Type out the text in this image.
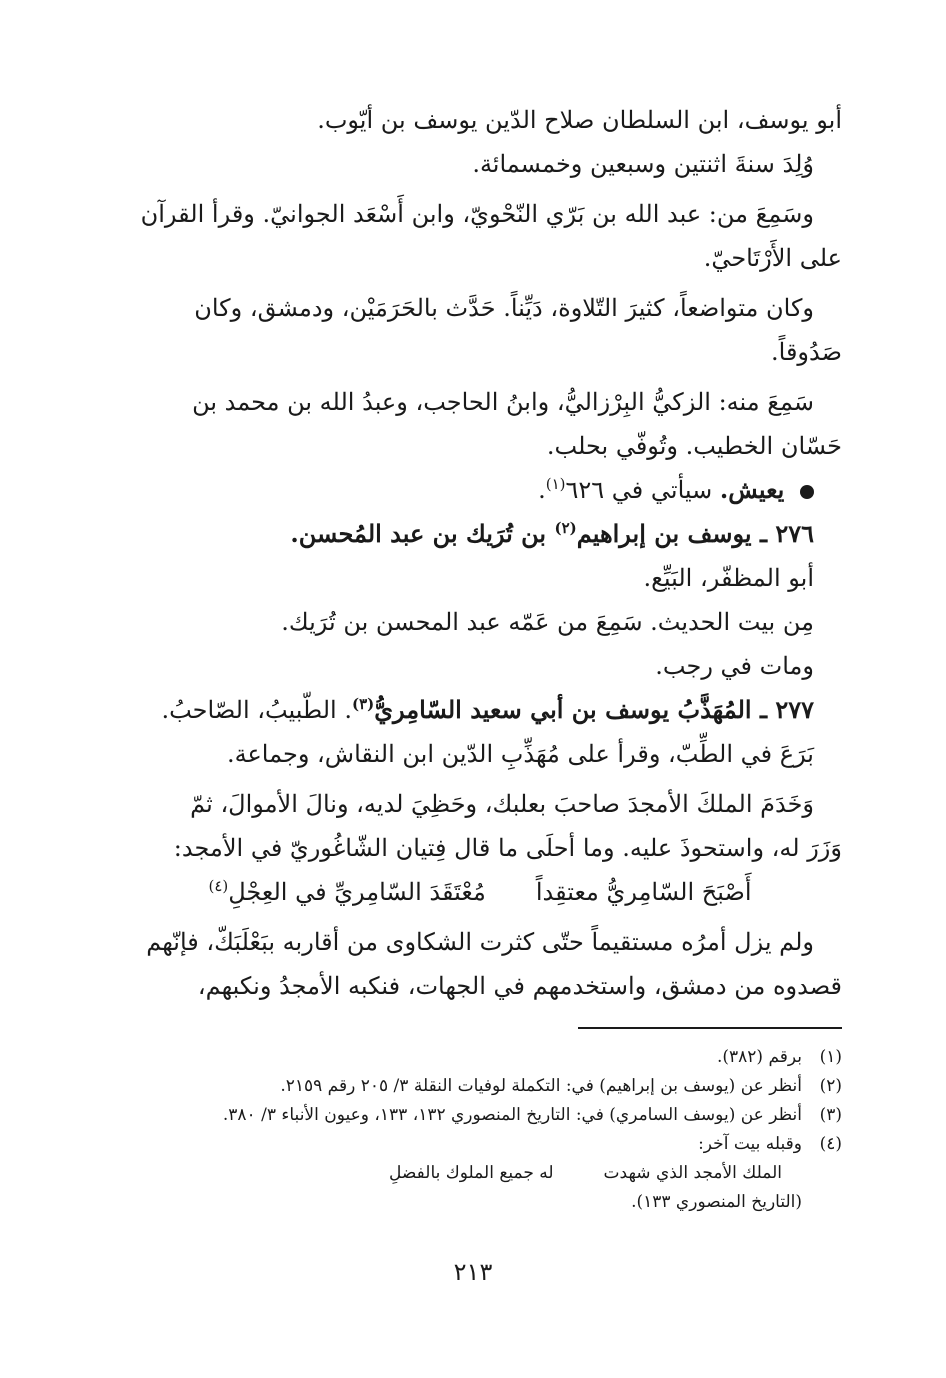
أبو يوسف، ابن السلطان صلاح الدّين يوسف بن أيّوب.
وُلِدَ سنةَ اثنتين وسبعين وخمسمائة.
وسَمِعَ من: عبد الله بن بَرّي النّحْويّ، وابن أَسْعَد الجوانيّ. وقرأ القرآن
على الأَرْتَاحيّ.
وكان متواضعاً، كثيرَ التّلاوة، دَيِّناً. حَدَّث بالحَرَمَيْن، ودمشق، وكان
صَدُوقاً.
سَمِعَ منه: الزكيُّ البِرْزاليُّ، وابنُ الحاجب، وعبدُ الله بن محمد بن
حَسّان الخطيب. وتُوفّي بحلب.
يعيش. سيأتي في ٦٢٦$^{(١)}$.
٢٧٦ ـ يوسف بن إبراهيم$^{(٢)}$ بن تُرَيك بن عبد المُحسن.
أبو المظفّر، البَيِّع.
مِن بيت الحديث. سَمِعَ من عَمّه عبد المحسن بن تُرَيك.
ومات في رجب.
٢٧٧ ـ المُهَذَّبُ يوسف بن أبي سعيد السّامِريُّ$^{(٣)}$. الطّبيبُ، الصّاحبُ.
بَرَعَ في الطِّبّ، وقرأ على مُهَذِّبِ الدّين ابن النقاش، وجماعة.
وَخَدَمَ الملكَ الأمجدَ صاحبَ بعلبك، وحَظِيَ لديه، ونالَ الأموالَ، ثمّ
وَزَرَ له، واستحوذَ عليه. وما أحلَى ما قال فِتيان الشّاغُوريّ في الأمجد:
أَصْبَحَ السّامِريُّ معتقِداً
مُعْتَقَدَ السّامِريِّ في العِجْلِ$^{(٤)}$
ولم يزل أمرُه مستقيماً حتّى كثرت الشكاوى من أقاربه ببَعْلَبَكّ، فإنّهم
قصدوه من دمشق، واستخدمهم في الجهات، فنكبه الأمجدُ ونكبهم،
(١)
برقم (٣٨٢).
(٢)
أنظر عن (يوسف بن إبراهيم) في: التكملة لوفيات النقلة ٣/ ٢٠٥ رقم ٢١٥٩.
(٣)
أنظر عن (يوسف السامري) في: التاريخ المنصوري ١٣٢، ١٣٣، وعيون الأنباء ٣/ ٣٨٠.
(٤)
وقبله بيت آخر:
الملك الأمجد الذي شهدت
له جميع الملوك بالفضلِ
(التاريخ المنصوري ١٣٣).
٢١٣
